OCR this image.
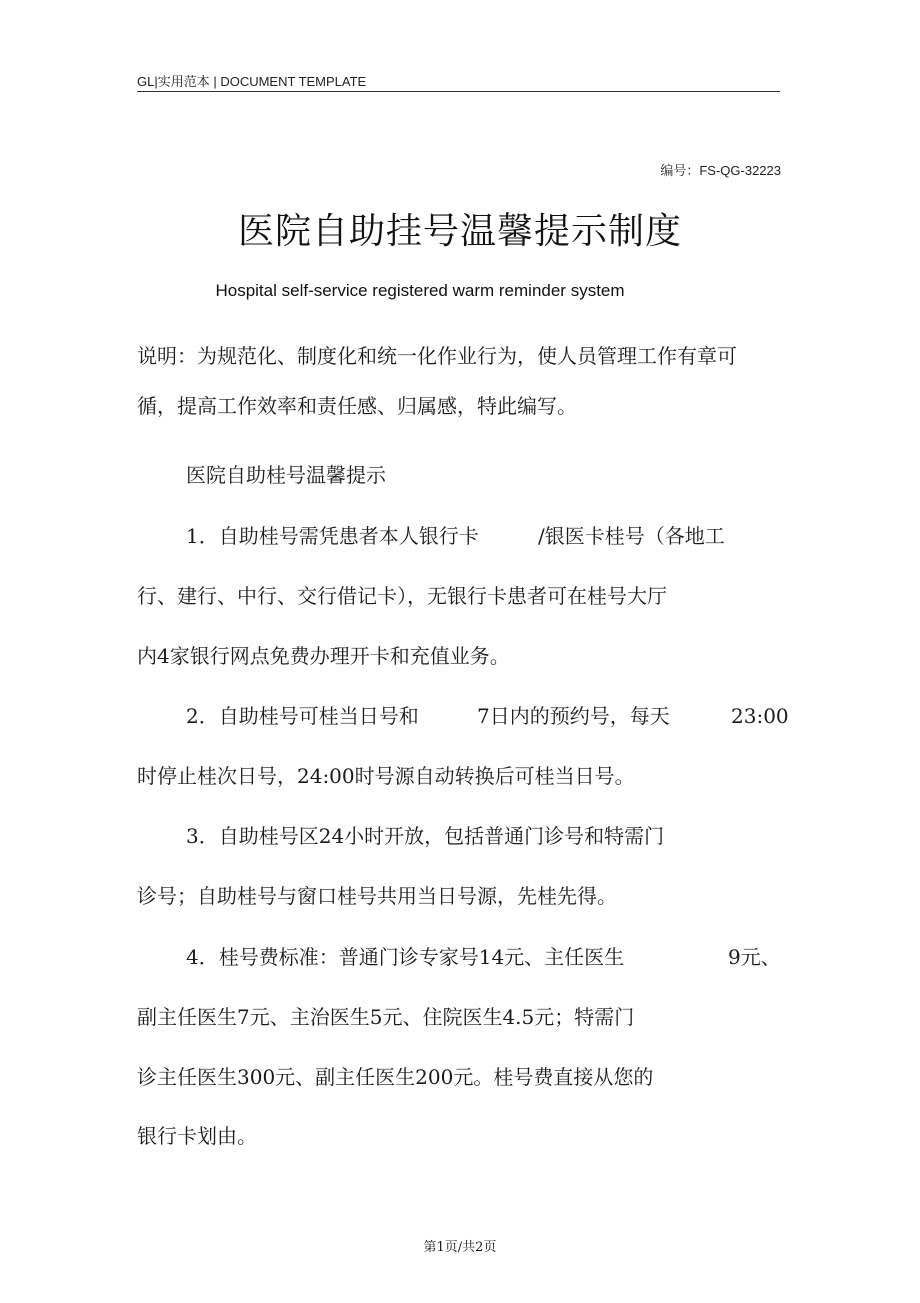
GL|实用范本 | DOCUMENT TEMPLATE
编号：FS-QG-32223
医院自助挂号温馨提示制度
Hospital self-service registered warm reminder system
说明：为规范化、制度化和统一化作业行为，使人员管理工作有章可
循，提高工作效率和责任感、归属感，特此编写。
医院自助桂号温馨提示
1．自助桂号需凭患者本人银行卡	/银医卡桂号（各地工
行、建行、中行、交行借记卡），无银行卡患者可在桂号大厅
内4家银行网点免费办理开卡和充值业务。
2．自助桂号可桂当日号和	7日内的预约号，每天	23:00
时停止桂次日号，24:00时号源自动转换后可桂当日号。
3．自助桂号区24小时开放，包括普通门诊号和特需门
诊号；自助桂号与窗口桂号共用当日号源，先桂先得。
4．桂号费标准：普通门诊专家号14元、主任医生	9元、
副主任医生7元、主治医生5元、住院医生4.5元；特需门
诊主任医生300元、副主任医生200元。桂号费直接从您的
银行卡划由。
第1页/共2页
